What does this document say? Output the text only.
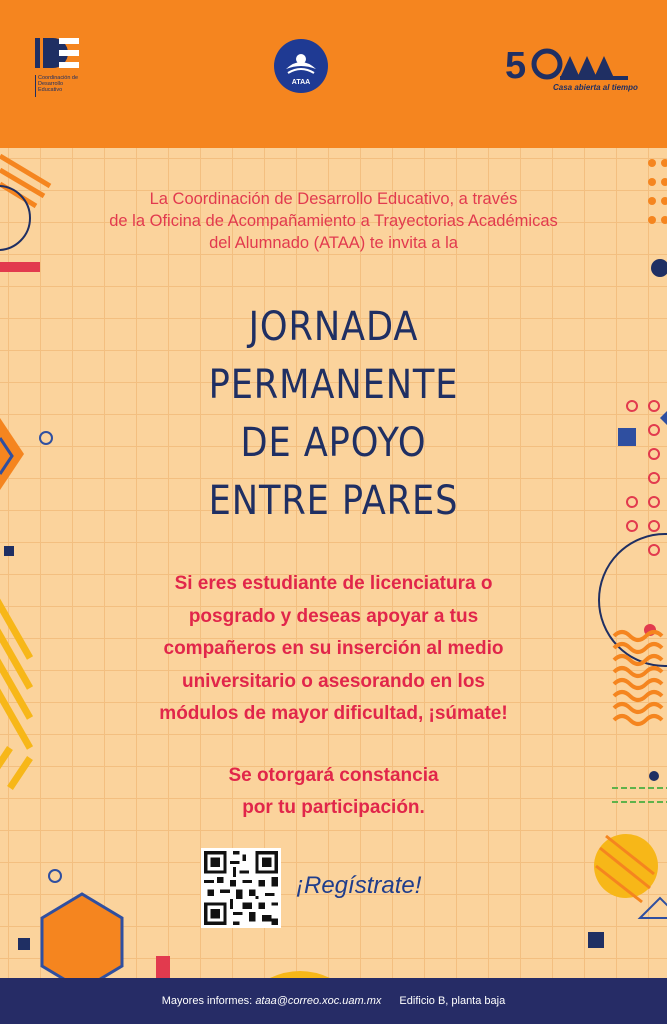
Coordinación de Desarrollo Educativo
ATAA	5
Casa abierta al tiempo
La Coordinación de Desarrollo Educativo, a través
de la Oficina de Acompañamiento a Trayectorias Académicas
del Alumnado (ATAA) te invita a la
JORNADA
PERMANENTE
DE APOYO
ENTRE PARES
Si eres estudiante de licenciatura o
posgrado y deseas apoyar a tus
compañeros en su inserción al medio
universitario o asesorando en los
módulos de mayor dificultad, ¡súmate!
Se otorgará constancia
por tu participación.
¡Regístrate!
Mayores informes: ataa@correo.xoc.uam.mx Edificio B, planta baja
